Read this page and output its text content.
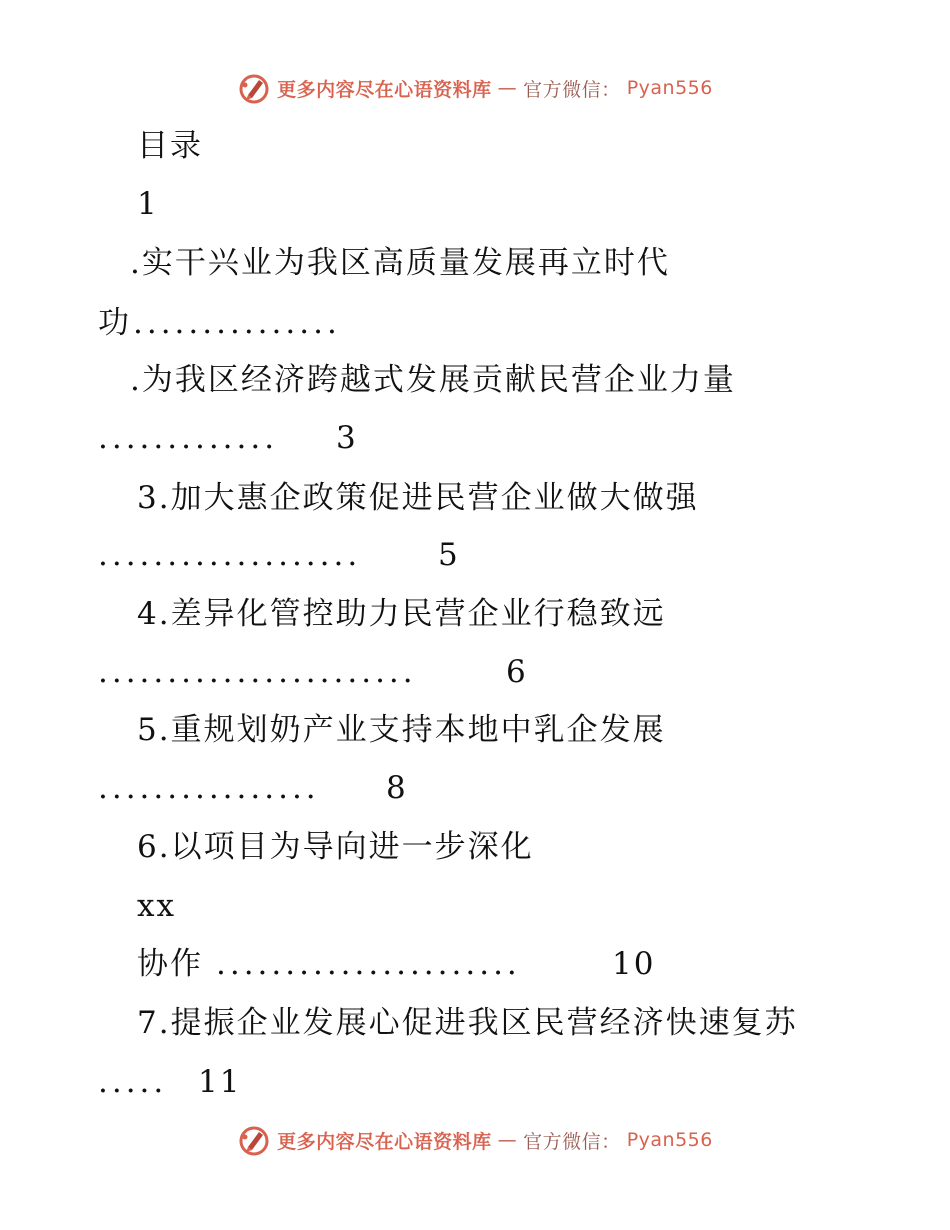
更多内容尽在心语资料库 — 官方微信： Pyan556
目录
1
.实干兴业为我区高质量发展再立时代
功...............
.为我区经济跨越式发展贡献民营企业力量
............. 3
3.加大惠企政策促进民营企业做大做强
................... 5
4.差异化管控助力民营企业行稳致远
.......................	6
5.重规划奶产业支持本地中乳企发展
................ 8
6.以项目为导向进一步深化
xx
协作 ......................	10
7.提振企业发展心促进我区民营经济快速复苏
..... 11
更多内容尽在心语资料库 — 官方微信： Pyan556
